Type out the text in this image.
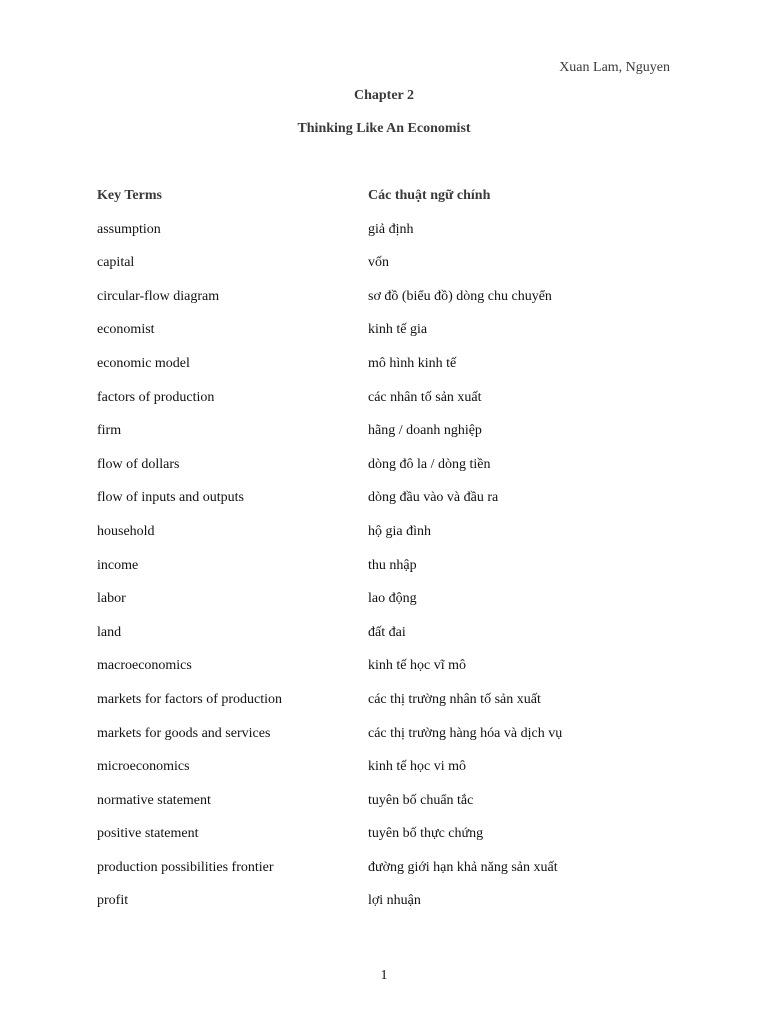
Xuan Lam, Nguyen
Chapter 2
Thinking Like An Economist
Key Terms	Các thuật ngữ chính
assumption	giả định
capital	vốn
circular-flow diagram	sơ đồ (biểu đồ) dòng chu chuyển
economist	kinh tế gia
economic model	mô hình kinh tế
factors of production	các nhân tố sản xuất
firm	hãng / doanh nghiệp
flow of dollars	dòng đô la / dòng tiền
flow of inputs and outputs	dòng đầu vào và đầu ra
household	hộ gia đình
income	thu nhập
labor	lao động
land	đất đai
macroeconomics	kinh tế học vĩ mô
markets for factors of production	các thị trường nhân tố sản xuất
markets for goods and services	các thị trường hàng hóa và dịch vụ
microeconomics	kinh tế học vi mô
normative statement	tuyên bố chuẩn tắc
positive statement	tuyên bố thực chứng
production possibilities frontier	đường giới hạn khả năng sản xuất
profit	lợi nhuận
1
